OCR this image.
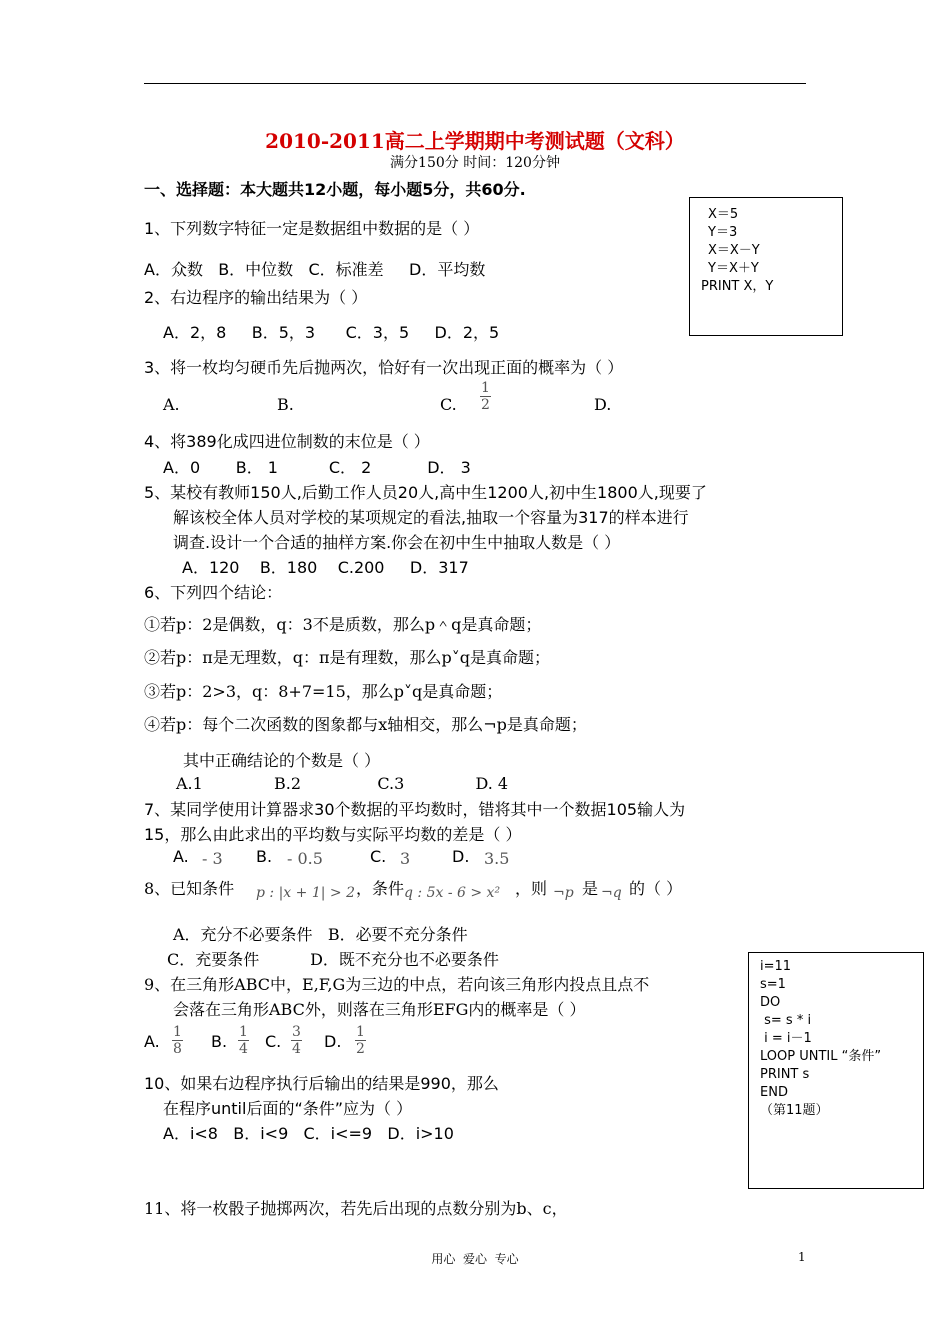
2010-2011高二上学期期中考测试题（文科）
满分150分 时间：120分钟
一、选择题：本大题共12小题，每小题5分，共60分.
X＝5
Y＝3
X＝X－Y
Y＝X＋Y
PRINT X，Y
i=11
s=1
DO
s= s * i
i = i－1
LOOP UNTIL “条件”
PRINT s
END
（第11题）
1、下列数字特征一定是数据组中数据的是（ ）
A．众数   B．中位数   C．标准差     D．平均数
2、右边程序的输出结果为（ ）
A．2，8     B．5，3      C．3，5     D．2，5
3、将一枚均匀硬币先后抛两次，恰好有一次出现正面的概率为（ ）
A.	B.	C. $\frac{1}{2}$	D.
4、将389化成四进位制数的末位是（ ）
A．0       B． 1          C． 2           D． 3
5、某校有教师150人,后勤工作人员20人,高中生1200人,初中生1800人,现要了
解该校全体人员对学校的某项规定的看法,抽取一个容量为317的样本进行
调查.设计一个合适的抽样方案.你会在初中生中抽取人数是（ ）
A．120    B．180    C.200     D．317
6、下列四个结论：
①若p：2是偶数，q：3不是质数，那么p＾q是真命题；
②若p：π是无理数，q：π是有理数，那么p˅q是真命题；
③若p：2>3，q：8+7=15，那么p˅q是真命题；
④若p：每个二次函数的图象都与x轴相交，那么¬p是真命题；
其中正确结论的个数是（ ）
A.1              B.2               C.3              D. 4
7、某同学使用计算器求30个数据的平均数时，错将其中一个数据105输人为
15，那么由此求出的平均数与实际平均数的差是（ ）
A. - 3 B. - 0.5	C. 3	D. 3.5
8、已知条件 p : |x + 1| > 2 ，条件 q : 5x - 6 > x² ，则 ¬p 是 ¬q 的（ ）
A．充分不必要条件   B．必要不充分条件
C．充要条件          D．既不充分也不必要条件
9、在三角形ABC中，E,F,G为三边的中点，若向该三角形内投点且点不
会落在三角形ABC外，则落在三角形EFG内的概率是（ ）
A. $\frac{1}{8} B$. $\frac{1}{4} C$. $\frac{3}{4} D$. $\frac{1}{2}$
10、如果右边程序执行后输出的结果是990，那么
在程序until后面的“条件”应为（ ）
A．i<8   B．i<9   C．i<=9   D．i>10
11、将一枚骰子抛掷两次，若先后出现的点数分别为b、c，
用心  爱心  专心	1
